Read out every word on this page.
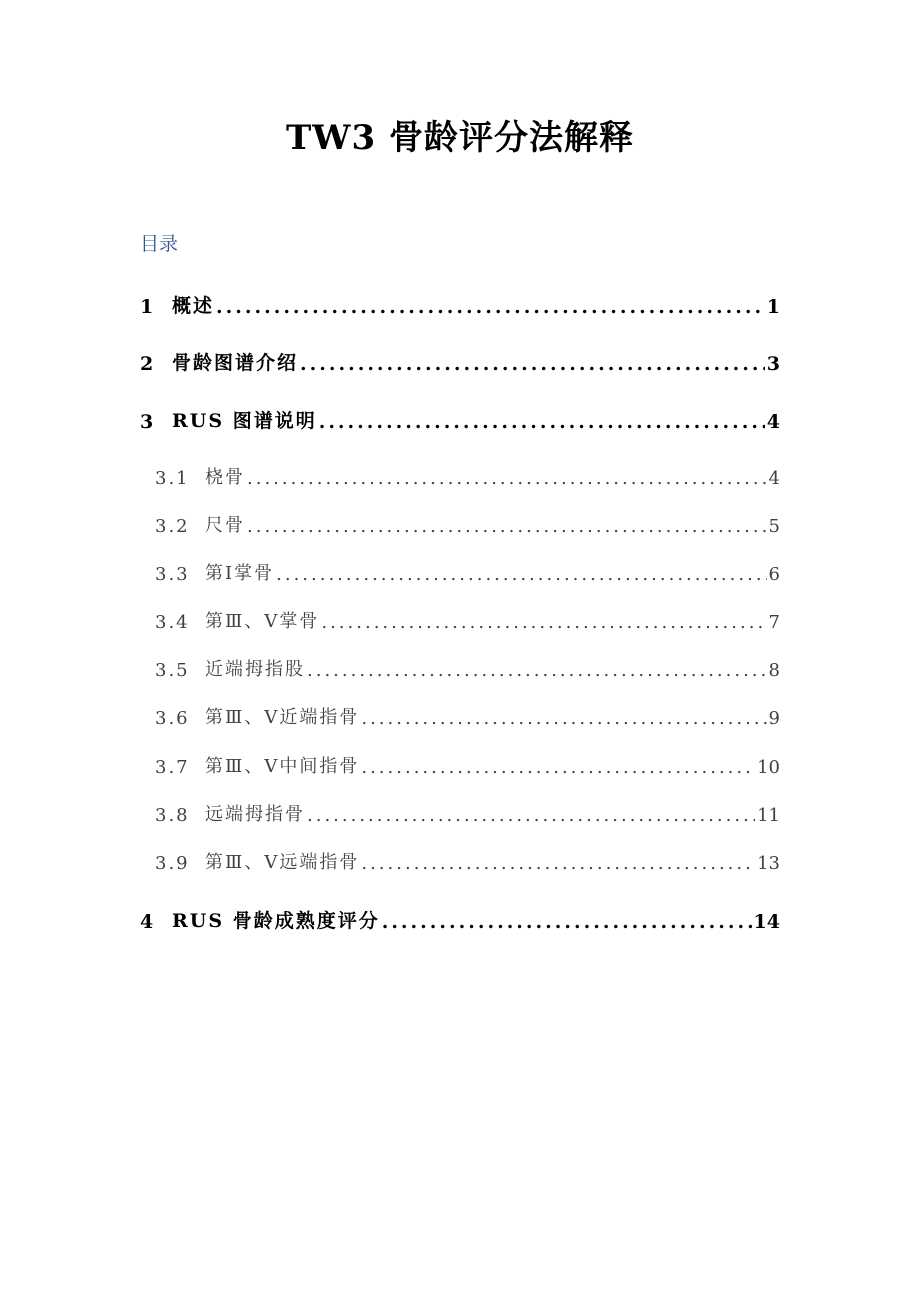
TW3 骨龄评分法解释
目录
1 概述 .....	1
2 骨龄图谱介绍 .....	3
3 RUS 图谱说明 .....	4
3.1 桡骨 .....	4
3.2 尺骨 .....	5
3.3 第Ⅰ掌骨 .....	6
3.4 第Ⅲ、Ⅴ掌骨 .....	7
3.5 近端拇指股 .....	8
3.6 第Ⅲ、Ⅴ近端指骨 .....	9
3.7 第Ⅲ、Ⅴ中间指骨 .....	10
3.8 远端拇指骨 .....	11
3.9 第Ⅲ、Ⅴ远端指骨 .....	13
4 RUS 骨龄成熟度评分 .....	14
